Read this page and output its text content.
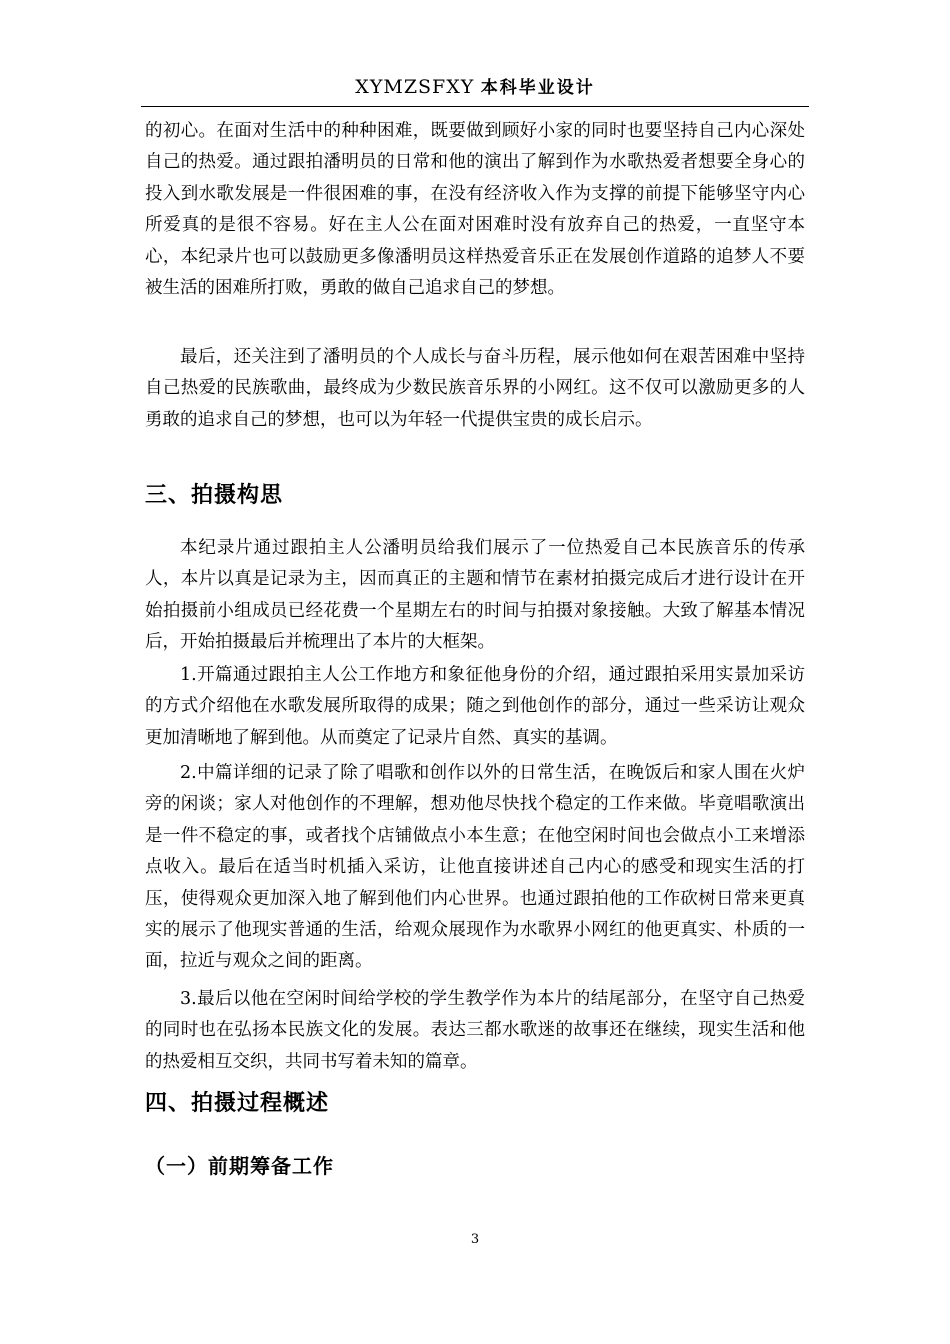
XYMZSFXY 本科毕业设计
的初心。在面对生活中的种种困难，既要做到顾好小家的同时也要坚持自己内心深处自己的热爱。通过跟拍潘明员的日常和他的演出了解到作为水歌热爱者想要全身心的投入到水歌发展是一件很困难的事，在没有经济收入作为支撑的前提下能够坚守内心所爱真的是很不容易。好在主人公在面对困难时没有放弃自己的热爱，一直坚守本心，本纪录片也可以鼓励更多像潘明员这样热爱音乐正在发展创作道路的追梦人不要被生活的困难所打败，勇敢的做自己追求自己的梦想。
最后，还关注到了潘明员的个人成长与奋斗历程，展示他如何在艰苦困难中坚持自己热爱的民族歌曲，最终成为少数民族音乐界的小网红。这不仅可以激励更多的人勇敢的追求自己的梦想，也可以为年轻一代提供宝贵的成长启示。
三、拍摄构思
本纪录片通过跟拍主人公潘明员给我们展示了一位热爱自己本民族音乐的传承人，本片以真是记录为主，因而真正的主题和情节在素材拍摄完成后才进行设计在开始拍摄前小组成员已经花费一个星期左右的时间与拍摄对象接触。大致了解基本情况后，开始拍摄最后并梳理出了本片的大框架。
1.开篇通过跟拍主人公工作地方和象征他身份的介绍，通过跟拍采用实景加采访的方式介绍他在水歌发展所取得的成果；随之到他创作的部分，通过一些采访让观众更加清晰地了解到他。从而奠定了记录片自然、真实的基调。
2.中篇详细的记录了除了唱歌和创作以外的日常生活，在晚饭后和家人围在火炉旁的闲谈；家人对他创作的不理解，想劝他尽快找个稳定的工作来做。毕竟唱歌演出是一件不稳定的事，或者找个店铺做点小本生意；在他空闲时间也会做点小工来增添点收入。最后在适当时机插入采访，让他直接讲述自己内心的感受和现实生活的打压，使得观众更加深入地了解到他们内心世界。也通过跟拍他的工作砍树日常来更真实的展示了他现实普通的生活，给观众展现作为水歌界小网红的他更真实、朴质的一面，拉近与观众之间的距离。
3.最后以他在空闲时间给学校的学生教学作为本片的结尾部分，在坚守自己热爱的同时也在弘扬本民族文化的发展。表达三都水歌迷的故事还在继续，现实生活和他的热爱相互交织，共同书写着未知的篇章。
四、拍摄过程概述
（一）前期筹备工作
3
